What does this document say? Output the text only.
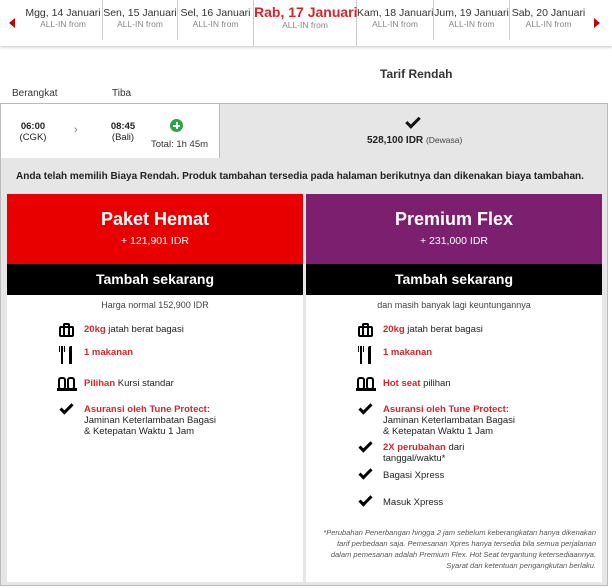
Mgg, 14 Januari
ALL-IN from
Sen, 15 Januari
ALL-IN from
Sel, 16 Januari
ALL-IN from
Rab, 17 Januari
ALL-IN from
Kam, 18 Januari
ALL-IN from
Jum, 19 Januari
ALL-IN from
Sab, 20 Januari
ALL-IN from
Tarif Rendah
Berangkat	Tiba
06:00
(CGK)
›	08:45
(Bali)
Total: 1h 45m	528,100 IDR (Dewasa)
Anda telah memilih Biaya Rendah. Produk tambahan tersedia pada halaman berikutnya dan dikenakan biaya tambahan.
Paket Hemat
+ 121,901 IDR
Tambah sekarang
Harga normal 152,900 IDR
20kg jatah berat bagasi
1 makanan
Pilihan Kursi standar
Asuransi oleh Tune Protect:
Jaminan Keterlambatan Bagasi
& Ketepatan Waktu 1 Jam
Premium Flex
+ 231,000 IDR
Tambah sekarang
dan masih banyak lagi keuntungannya
20kg jatah berat bagasi
1 makanan
Hot seat pilihan
Asuransi oleh Tune Protect:
Jaminan Keterlambatan Bagasi
& Ketepatan Waktu 1 Jam
2X perubahan dari
tanggal/waktu*
Bagasi Xpress
Masuk Xpress
*Perubahan Penerbangan hingga 2 jam sebelum keberangkatan hanya dikenakan
tarif perbedaan saja. Pemesanan Xpres hanya tersedia bila semua perjalanan
dalam pemesanan adalah Premium Flex. Hot Seat tergantung ketersediaannya.
Syarat dan ketentuan pengangkutan berlaku.
